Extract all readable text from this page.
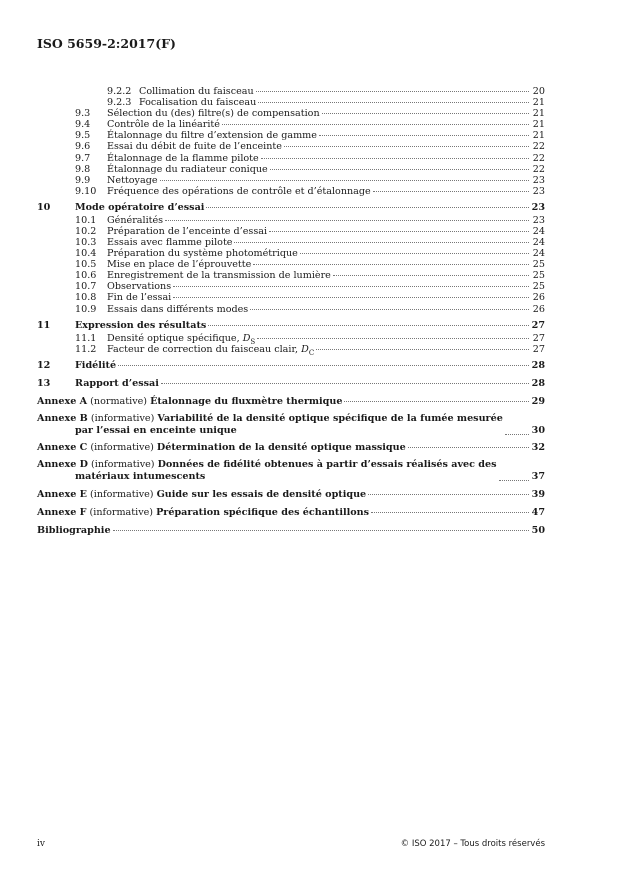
ISO 5659-2:2017(F)
9.2.2 Collimation du faisceau	20
9.2.3 Focalisation du faisceau	21
9.3	Sélection du (des) filtre(s) de compensation	21
9.4	Contrôle de la linéarité	21
9.5	Étalonnage du filtre d’extension de gamme	21
9.6	Essai du débit de fuite de l’enceinte	22
9.7	Étalonnage de la flamme pilote	22
9.8	Étalonnage du radiateur conique	22
9.9	Nettoyage	23
9.10	Fréquence des opérations de contrôle et d’étalonnage	23
10	Mode opératoire d’essai	23
10.1	Généralités	23
10.2	Préparation de l’enceinte d’essai	24
10.3	Essais avec flamme pilote	24
10.4	Préparation du système photométrique	24
10.5	Mise en place de l’éprouvette	25
10.6	Enregistrement de la transmission de lumière	25
10.7	Observations	25
10.8	Fin de l’essai	26
10.9	Essais dans différents modes	26
11	Expression des résultats	27
11.1	Densité optique spécifique, $D_S$	27
11.2	Facteur de correction du faisceau clair, $D_C$	27
12	Fidélité	28
13	Rapport d’essai	28
Annexe A (normative) Étalonnage du fluxmètre thermique	29
Annexe B (informative) Variabilité de la densité optique spécifique de la fumée mesurée
par l’essai en enceinte unique	30
Annexe C (informative) Détermination de la densité optique massique	32
Annexe D (informative) Données de fidélité obtenues à partir d’essais réalisés avec des
matériaux intumescents	37
Annexe E (informative) Guide sur les essais de densité optique	39
Annexe F (informative) Préparation spécifique des échantillons	47
Bibliographie	50
iv	© ISO 2017 – Tous droits réservés
